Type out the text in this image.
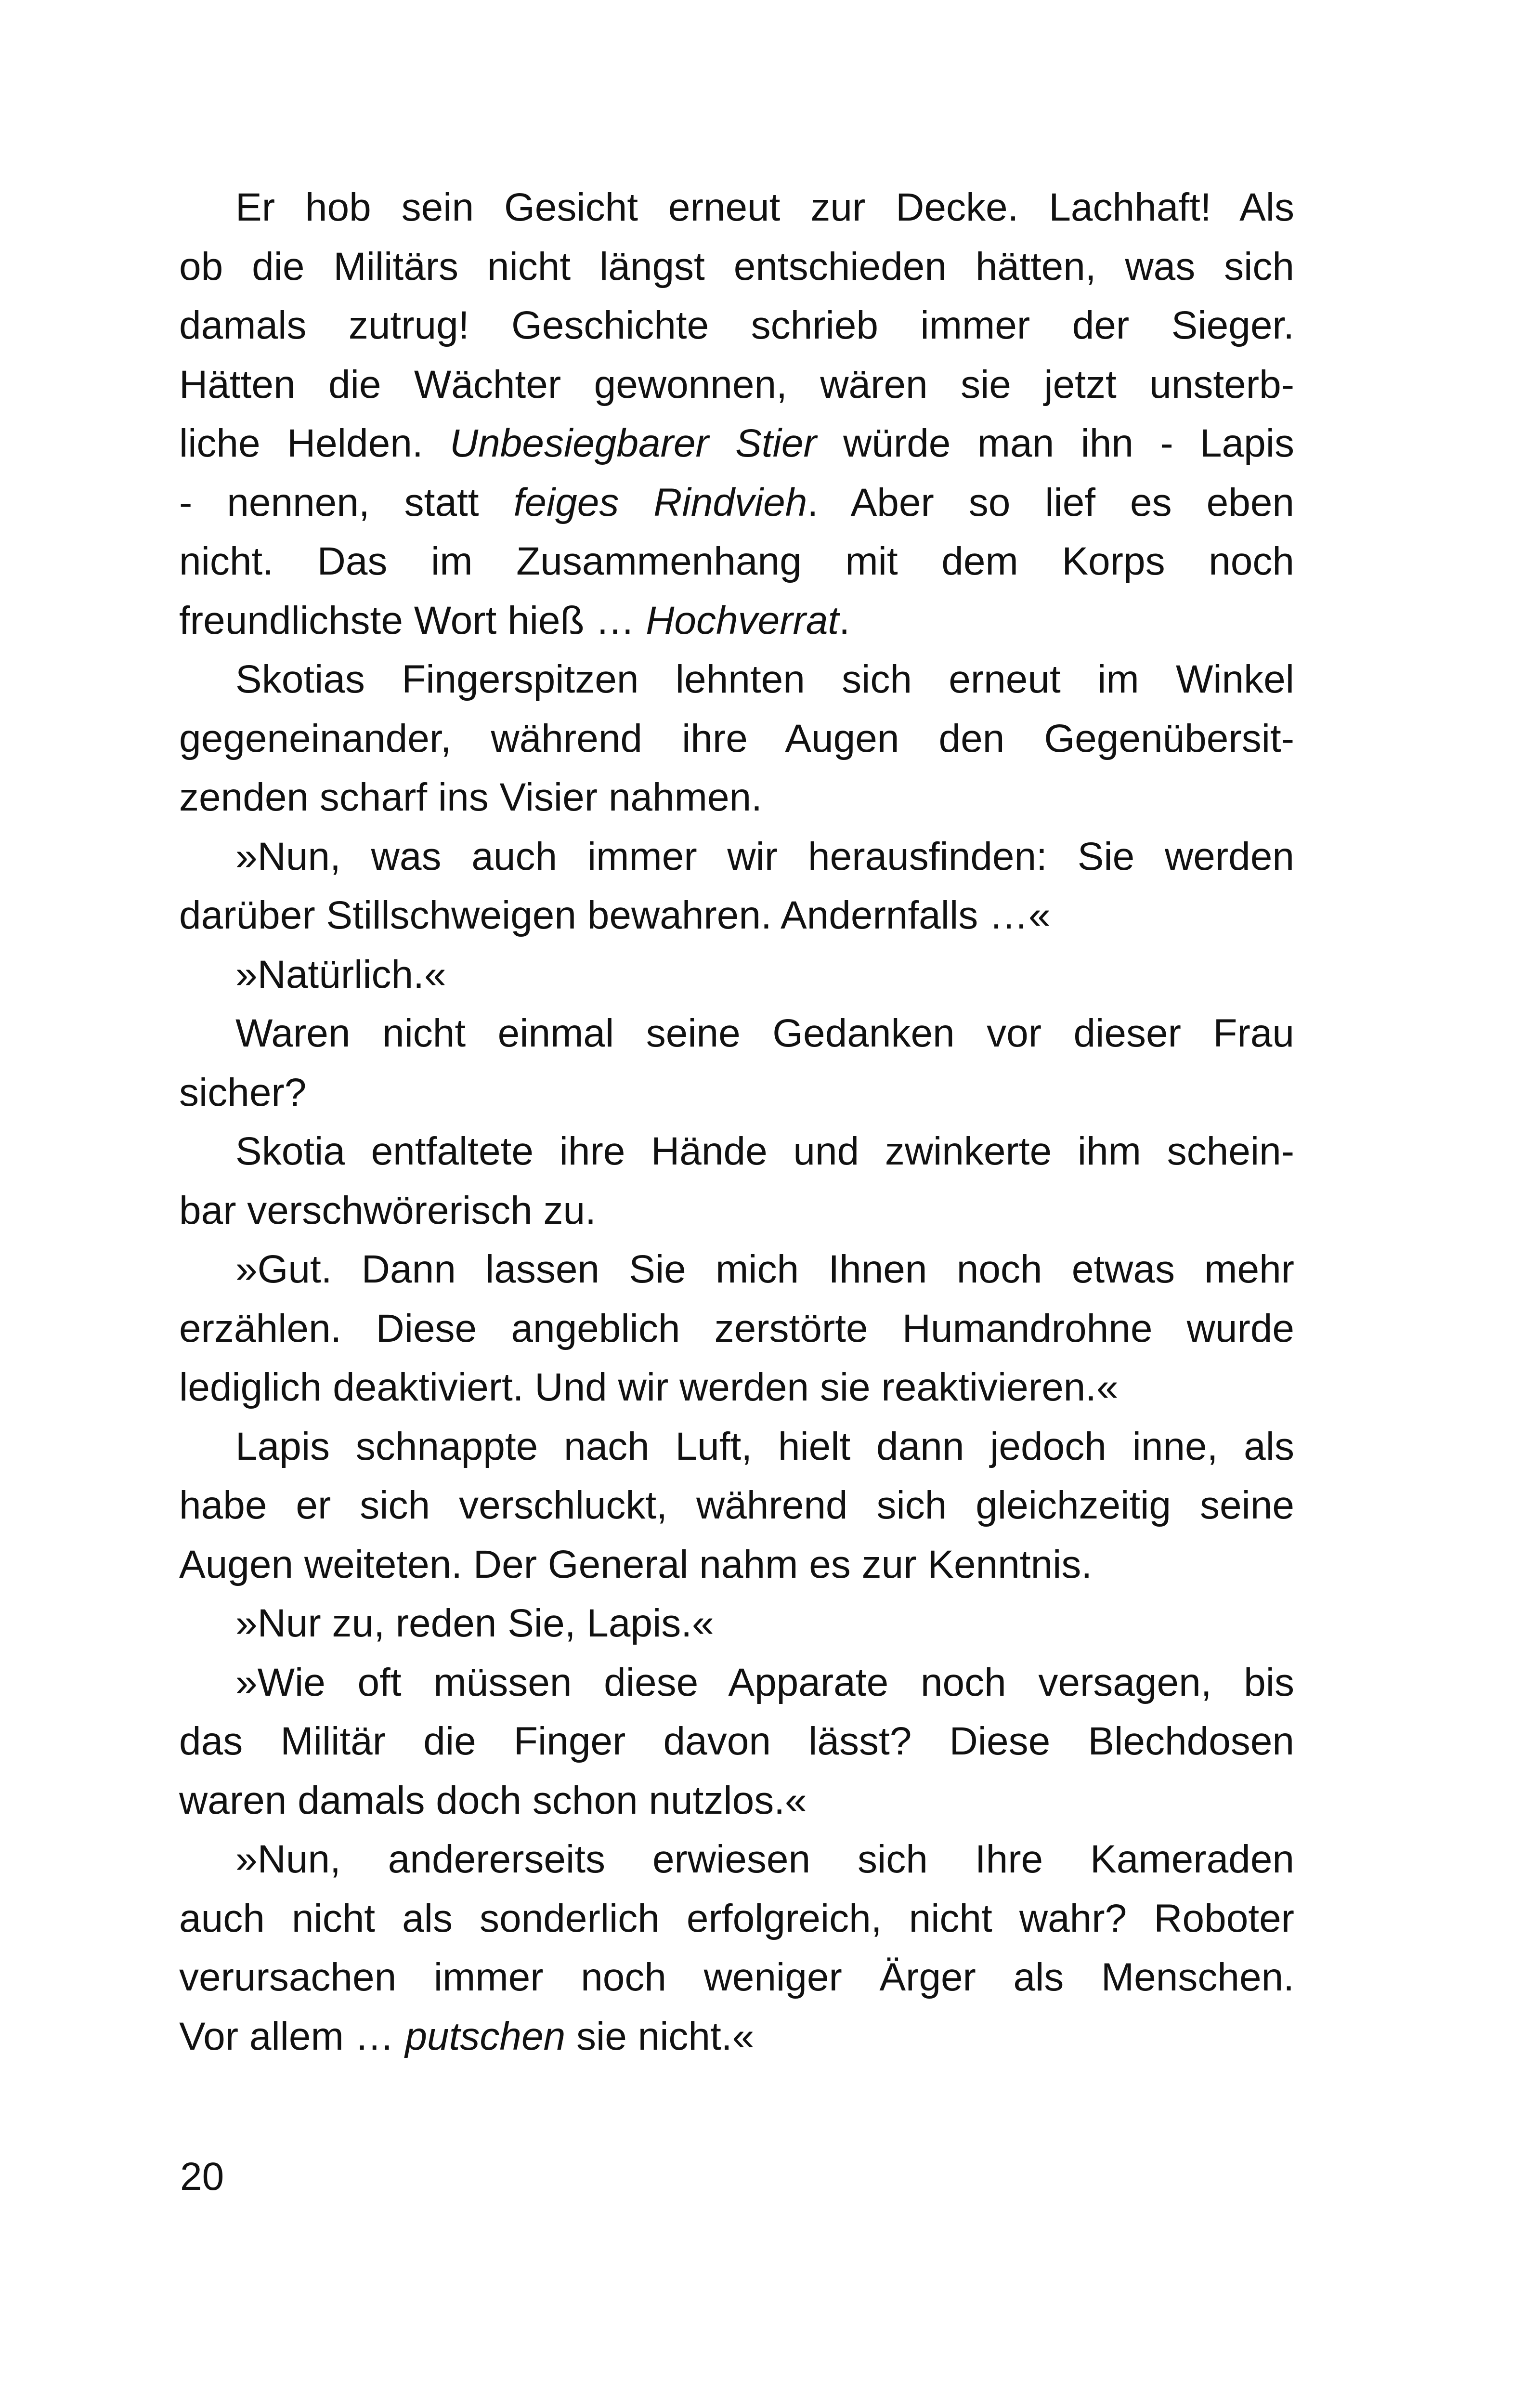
Er hob sein Gesicht erneut zur Decke. Lachhaft! Als
ob die Militärs nicht längst entschieden hätten, was sich
damals zutrug! Geschichte schrieb immer der Sieger.
Hätten die Wächter gewonnen, wären sie jetzt unsterb-
liche Helden. Unbesiegbarer Stier würde man ihn - Lapis
- nennen, statt feiges Rindvieh. Aber so lief es eben
nicht. Das im Zusammenhang mit dem Korps noch
freundlichste Wort hieß … Hochverrat.
Skotias Fingerspitzen lehnten sich erneut im Winkel
gegeneinander, während ihre Augen den Gegenübersit-
zenden scharf ins Visier nahmen.
»Nun, was auch immer wir herausfinden: Sie werden
darüber Stillschweigen bewahren. Andernfalls …«
»Natürlich.«
Waren nicht einmal seine Gedanken vor dieser Frau
sicher?
Skotia entfaltete ihre Hände und zwinkerte ihm schein-
bar verschwörerisch zu.
»Gut. Dann lassen Sie mich Ihnen noch etwas mehr
erzählen. Diese angeblich zerstörte Humandrohne wurde
lediglich deaktiviert. Und wir werden sie reaktivieren.«
Lapis schnappte nach Luft, hielt dann jedoch inne, als
habe er sich verschluckt, während sich gleichzeitig seine
Augen weiteten. Der General nahm es zur Kenntnis.
»Nur zu, reden Sie, Lapis.«
»Wie oft müssen diese Apparate noch versagen, bis
das Militär die Finger davon lässt? Diese Blechdosen
waren damals doch schon nutzlos.«
»Nun, andererseits erwiesen sich Ihre Kameraden
auch nicht als sonderlich erfolgreich, nicht wahr? Roboter
verursachen immer noch weniger Ärger als Menschen.
Vor allem … putschen sie nicht.«
20
